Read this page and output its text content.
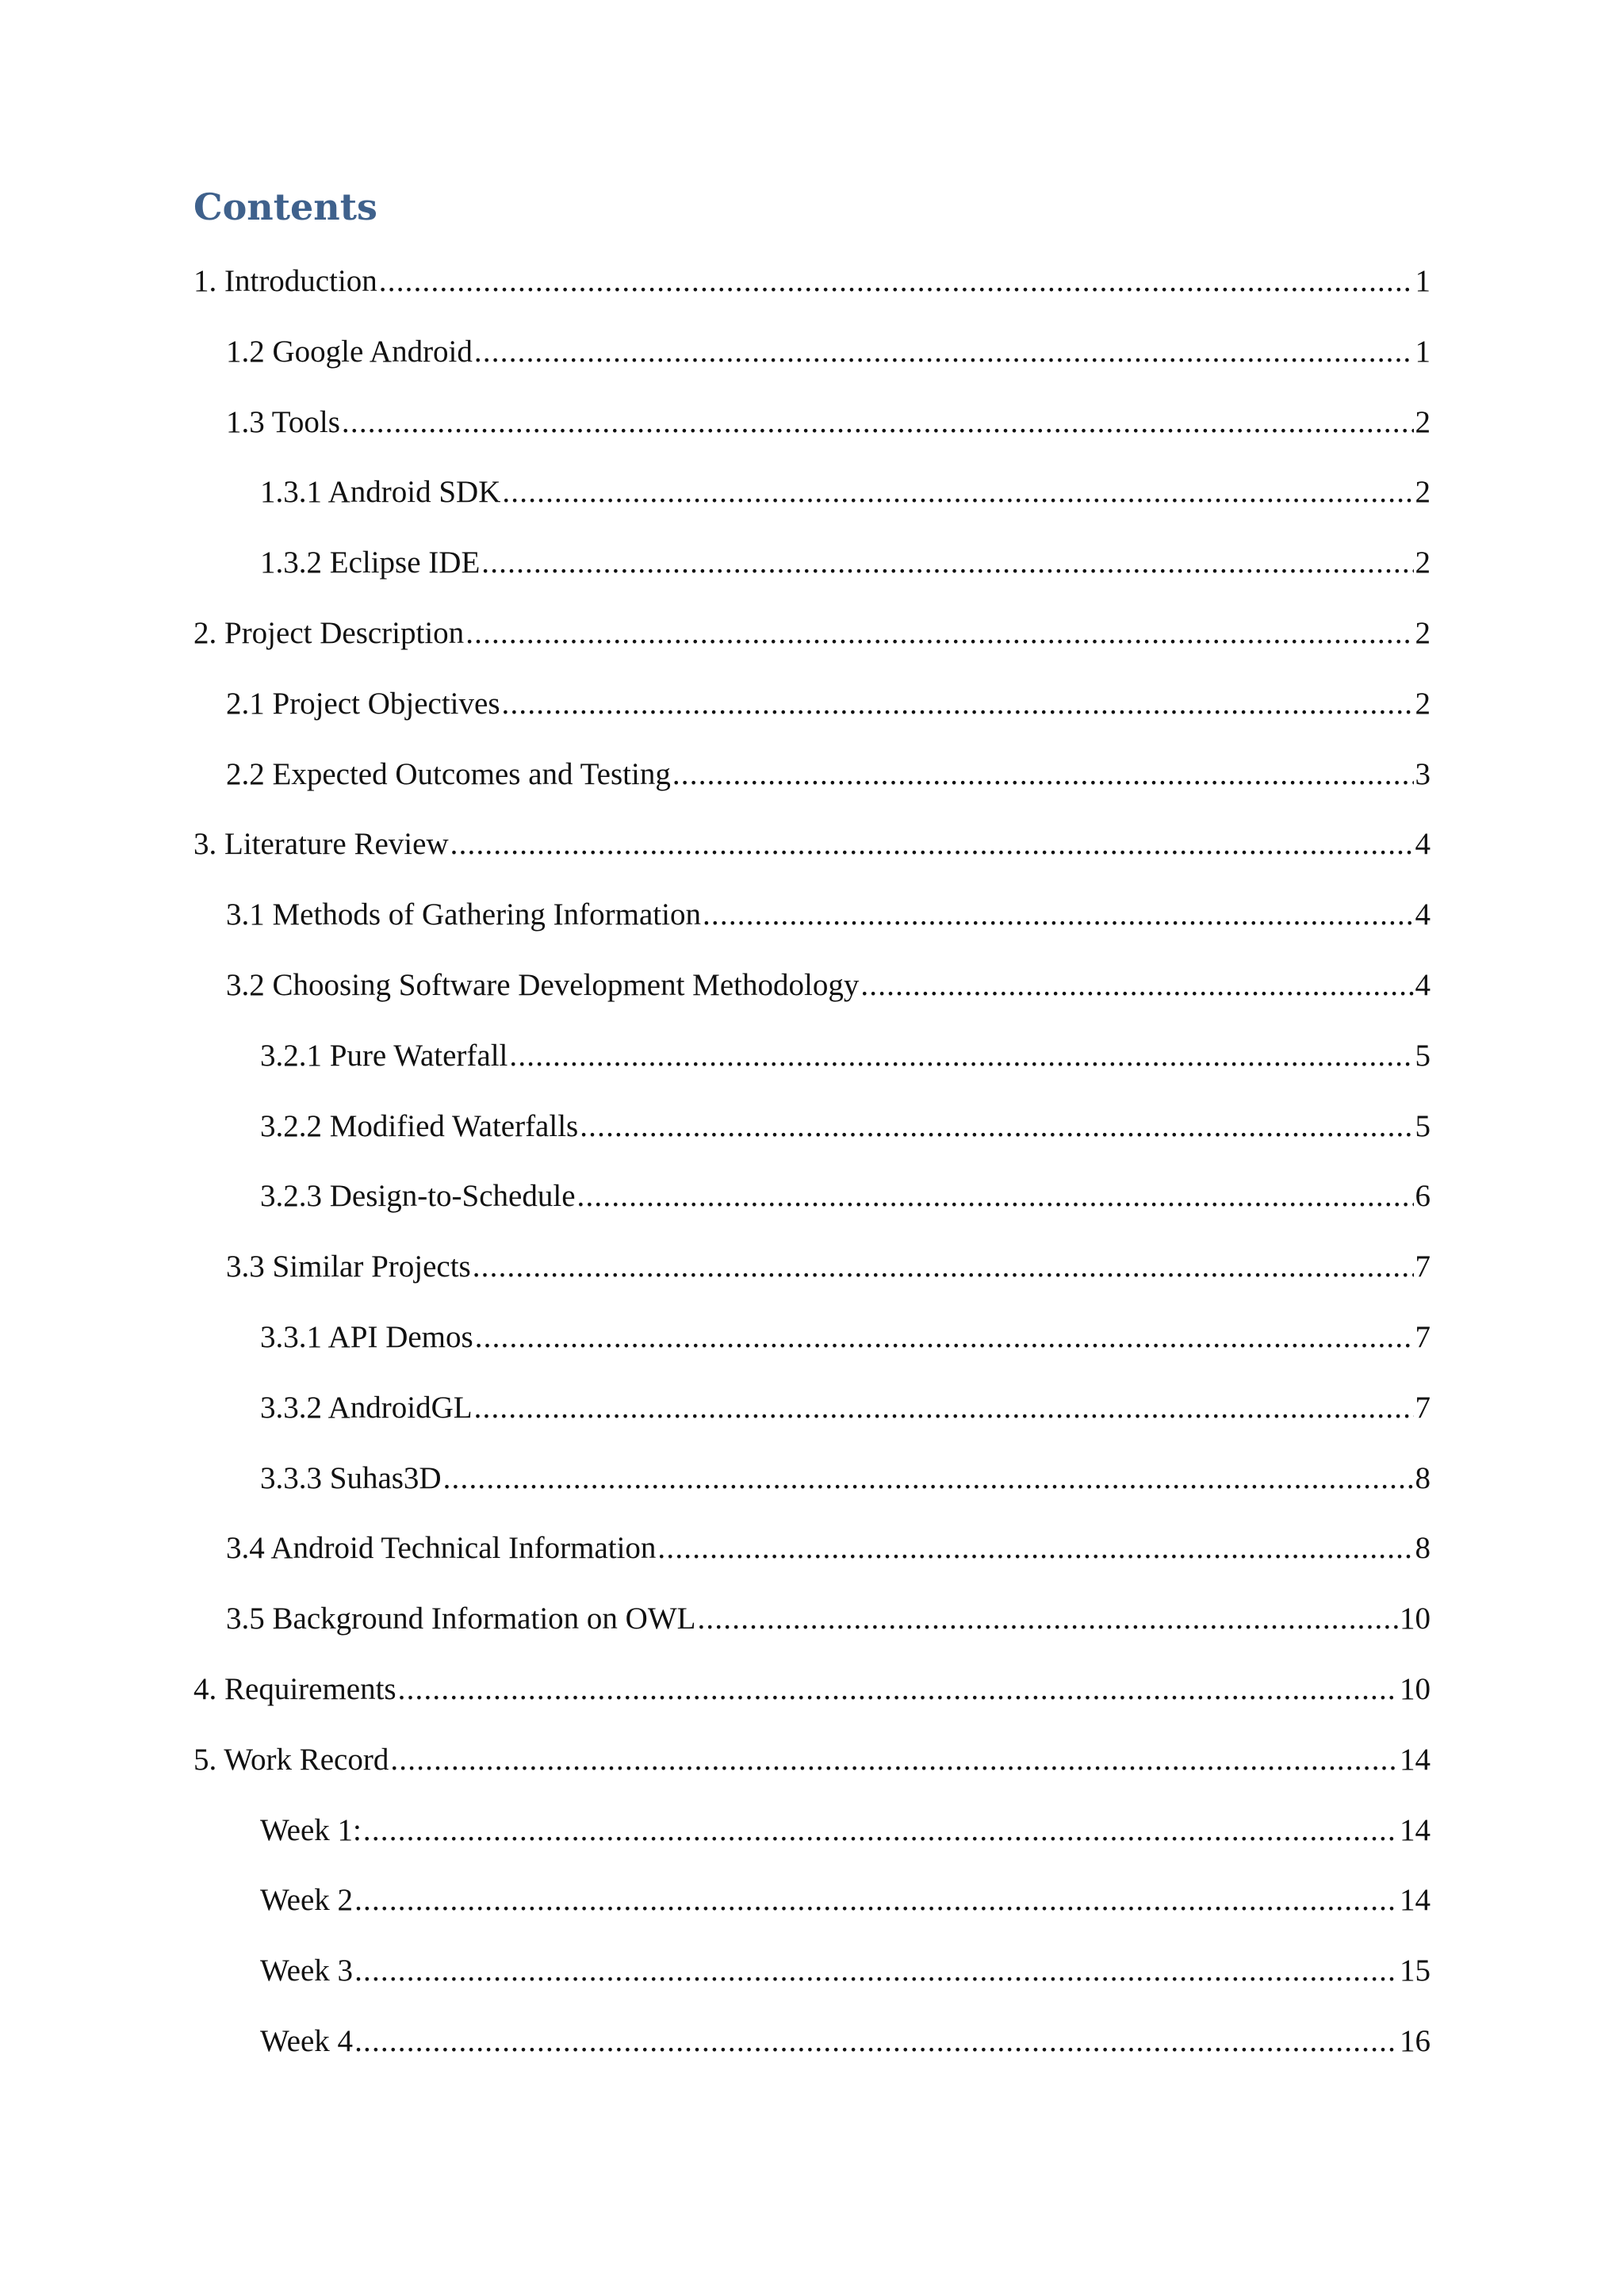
Contents
1. Introduction .....	1
1.2 Google Android .....	1
1.3 Tools .....	2
1.3.1 Android SDK .....	2
1.3.2 Eclipse IDE .....	2
2. Project Description .....	2
2.1 Project Objectives .....	2
2.2 Expected Outcomes and Testing .....	3
3. Literature Review .....	4
3.1 Methods of Gathering Information .....	4
3.2 Choosing Software Development Methodology .....	4
3.2.1 Pure Waterfall .....	5
3.2.2 Modified Waterfalls .....	5
3.2.3 Design-to-Schedule .....	6
3.3 Similar Projects .....	7
3.3.1 API Demos .....	7
3.3.2 AndroidGL .....	7
3.3.3 Suhas3D .....	8
3.4 Android Technical Information .....	8
3.5 Background Information on OWL .....	10
4. Requirements .....	10
5. Work Record .....	14
Week 1: .....	14
Week 2 .....	14
Week 3 .....	15
Week 4 .....	16
